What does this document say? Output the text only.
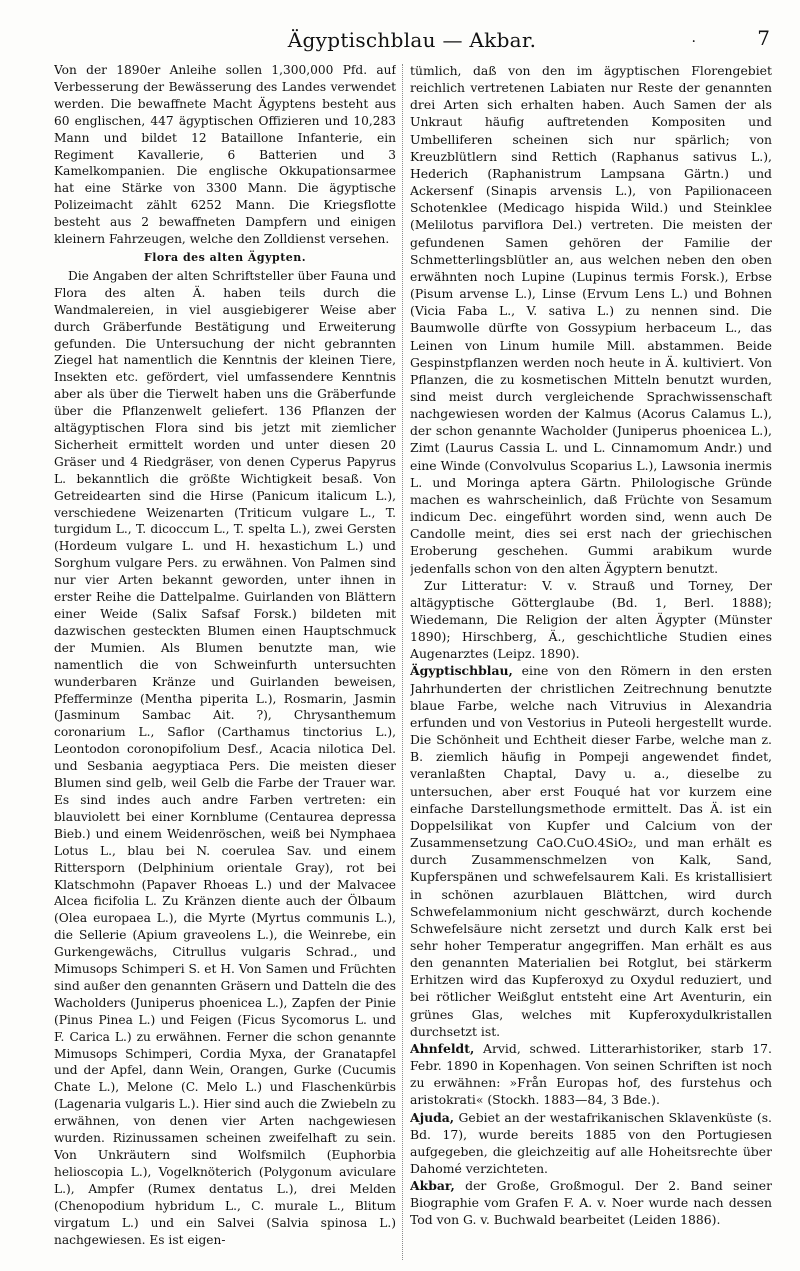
Ägyptischblau — Akbar.	.	7

Von der 1890er Anleihe sollen 1,300,000 Pfd. auf Verbesserung der Bewässerung des Landes verwendet werden. Die bewaffnete Macht Ägyptens besteht aus 60 englischen, 447 ägyptischen Offizieren und 10,283 Mann und bildet 12 Bataillone Infanterie, ein Regiment Kavallerie, 6 Batterien und 3 Kamelkompanien. Die englische Okkupationsarmee hat eine Stärke von 3300 Mann. Die ägyptische Polizeimacht zählt 6252 Mann. Die Kriegsflotte besteht aus 2 bewaffneten Dampfern und einigen kleinern Fahrzeugen, welche den Zolldienst versehen.

Flora des alten Ägypten.

Die Angaben der alten Schriftsteller über Fauna und Flora des alten Ä. haben teils durch die Wandmalereien, in viel ausgiebigerer Weise aber durch Gräberfunde Bestätigung und Erweiterung gefunden. Die Untersuchung der nicht gebrannten Ziegel hat namentlich die Kenntnis der kleinen Tiere, Insekten etc. gefördert, viel umfassendere Kenntnis aber als über die Tierwelt haben uns die Gräberfunde über die Pflanzenwelt geliefert. 136 Pflanzen der altägyptischen Flora sind bis jetzt mit ziemlicher Sicherheit ermittelt worden und unter diesen 20 Gräser und 4 Riedgräser, von denen Cyperus Papyrus L. bekanntlich die größte Wichtigkeit besaß. Von Getreidearten sind die Hirse (Panicum italicum L.), verschiedene Weizenarten (Triticum vulgare L., T. turgidum L., T. dicoccum L., T. spelta L.), zwei Gersten (Hordeum vulgare L. und H. hexastichum L.) und Sorghum vulgare Pers. zu erwähnen. Von Palmen sind nur vier Arten bekannt geworden, unter ihnen in erster Reihe die Dattelpalme. Guirlanden von Blättern einer Weide (Salix Safsaf Forsk.) bildeten mit dazwischen gesteckten Blumen einen Hauptschmuck der Mumien. Als Blumen benutzte man, wie namentlich die von Schweinfurth untersuchten wunderbaren Kränze und Guirlanden beweisen, Pfefferminze (Mentha piperita L.), Rosmarin, Jasmin (Jasminum Sambac Ait. ?), Chrysanthemum coronarium L., Saflor (Carthamus tinctorius L.), Leontodon coronopifolium Desf., Acacia nilotica Del. und Sesbania aegyptiaca Pers. Die meisten dieser Blumen sind gelb, weil Gelb die Farbe der Trauer war. Es sind indes auch andre Farben vertreten: ein blauviolett bei einer Kornblume (Centaurea depressa Bieb.) und einem Weidenröschen, weiß bei Nymphaea Lotus L., blau bei N. coerulea Sav. und einem Rittersporn (Delphinium orientale Gray), rot bei Klatschmohn (Papaver Rhoeas L.) und der Malvacee Alcea ficifolia L. Zu Kränzen diente auch der Ölbaum (Olea europaea L.), die Myrte (Myrtus communis L.), die Sellerie (Apium graveolens L.), die Weinrebe, ein Gurkengewächs, Citrullus vulgaris Schrad., und Mimusops Schimperi S. et H. Von Samen und Früchten sind außer den genannten Gräsern und Datteln die des Wacholders (Juniperus phoenicea L.), Zapfen der Pinie (Pinus Pinea L.) und Feigen (Ficus Sycomorus L. und F. Carica L.) zu erwähnen. Ferner die schon genannte Mimusops Schimperi, Cordia Myxa, der Granatapfel und der Apfel, dann Wein, Orangen, Gurke (Cucumis Chate L.), Melone (C. Melo L.) und Flaschenkürbis (Lagenaria vulgaris L.). Hier sind auch die Zwiebeln zu erwähnen, von denen vier Arten nachgewiesen wurden. Rizinussamen scheinen zweifelhaft zu sein. Von Unkräutern sind Wolfsmilch (Euphorbia helioscopia L.), Vogelknöterich (Polygonum aviculare L.), Ampfer (Rumex dentatus L.), drei Melden (Chenopodium hybridum L., C. murale L., Blitum virgatum L.) und ein Salvei (Salvia spinosa L.) nachgewiesen. Es ist eigen-

tümlich, daß von den im ägyptischen Florengebiet reichlich vertretenen Labiaten nur Reste der genannten drei Arten sich erhalten haben. Auch Samen der als Unkraut häufig auftretenden Kompositen und Umbelliferen scheinen sich nur spärlich; von Kreuzblütlern sind Rettich (Raphanus sativus L.), Hederich (Raphanistrum Lampsana Gärtn.) und Ackersenf (Sinapis arvensis L.), von Papilionaceen Schotenklee (Medicago hispida Wild.) und Steinklee (Melilotus parviflora Del.) vertreten. Die meisten der gefundenen Samen gehören der Familie der Schmetterlingsblütler an, aus welchen neben den oben erwähnten noch Lupine (Lupinus termis Forsk.), Erbse (Pisum arvense L.), Linse (Ervum Lens L.) und Bohnen (Vicia Faba L., V. sativa L.) zu nennen sind. Die Baumwolle dürfte von Gossypium herbaceum L., das Leinen von Linum humile Mill. abstammen. Beide Gespinstpflanzen werden noch heute in Ä. kultiviert. Von Pflanzen, die zu kosmetischen Mitteln benutzt wurden, sind meist durch vergleichende Sprachwissenschaft nachgewiesen worden der Kalmus (Acorus Calamus L.), der schon genannte Wacholder (Juniperus phoenicea L.), Zimt (Laurus Cassia L. und L. Cinnamomum Andr.) und eine Winde (Convolvulus Scoparius L.), Lawsonia inermis L. und Moringa aptera Gärtn. Philologische Gründe machen es wahrscheinlich, daß Früchte von Sesamum indicum Dec. eingeführt worden sind, wenn auch De Candolle meint, dies sei erst nach der griechischen Eroberung geschehen. Gummi arabikum wurde jedenfalls schon von den alten Ägyptern benutzt.

Zur Litteratur: V. v. Strauß und Torney, Der altägyptische Götterglaube (Bd. 1, Berl. 1888); Wiedemann, Die Religion der alten Ägypter (Münster 1890); Hirschberg, Ä., geschichtliche Studien eines Augenarztes (Leipz. 1890).

Ägyptischblau, eine von den Römern in den ersten Jahrhunderten der christlichen Zeitrechnung benutzte blaue Farbe, welche nach Vitruvius in Alexandria erfunden und von Vestorius in Puteoli hergestellt wurde. Die Schönheit und Echtheit dieser Farbe, welche man z. B. ziemlich häufig in Pompeji angewendet findet, veranlaßten Chaptal, Davy u. a., dieselbe zu untersuchen, aber erst Fouqué hat vor kurzem eine einfache Darstellungsmethode ermittelt. Das Ä. ist ein Doppelsilikat von Kupfer und Calcium von der Zusammensetzung CaO.CuO.4SiO₂, und man erhält es durch Zusammenschmelzen von Kalk, Sand, Kupferspänen und schwefelsaurem Kali. Es kristallisiert in schönen azurblauen Blättchen, wird durch Schwefelammonium nicht geschwärzt, durch kochende Schwefelsäure nicht zersetzt und durch Kalk erst bei sehr hoher Temperatur angegriffen. Man erhält es aus den genannten Materialien bei Rotglut, bei stärkerm Erhitzen wird das Kupferoxyd zu Oxydul reduziert, und bei rötlicher Weißglut entsteht eine Art Aventurin, ein grünes Glas, welches mit Kupferoxydulkristallen durchsetzt ist.

Ahnfeldt, Arvid, schwed. Litterarhistoriker, starb 17. Febr. 1890 in Kopenhagen. Von seinen Schriften ist noch zu erwähnen: »Från Europas hof, des furstehus och aristokrati« (Stockh. 1883—84, 3 Bde.).

Ajuda, Gebiet an der westafrikanischen Sklavenküste (s. Bd. 17), wurde bereits 1885 von den Portugiesen aufgegeben, die gleichzeitig auf alle Hoheitsrechte über Dahomé verzichteten.

Akbar, der Große, Großmogul. Der 2. Band seiner Biographie vom Grafen F. A. v. Noer wurde nach dessen Tod von G. v. Buchwald bearbeitet (Leiden 1886).
